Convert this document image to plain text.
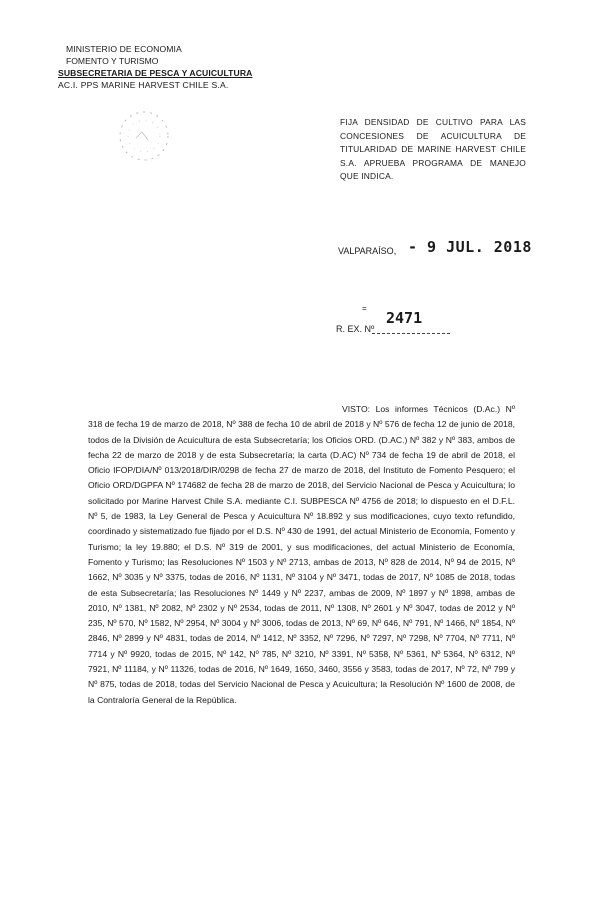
MINISTERIO DE ECONOMIA
FOMENTO Y TURISMO
SUBSECRETARIA DE PESCA Y ACUICULTURA
AC.I. PPS MARINE HARVEST CHILE S.A.
FIJA DENSIDAD DE CULTIVO PARA LAS CONCESIONES DE ACUICULTURA DE TITULARIDAD DE MARINE HARVEST CHILE S.A. APRUEBA PROGRAMA DE MANEJO QUE INDICA.
VALPARAÍSO, - 9 JUL. 2018
R. EX. Nº
=
2471
VISTO: Los informes Técnicos (D.Ac.) Nº 318 de fecha 19 de marzo de 2018, Nº 388 de fecha 10 de abril de 2018 y Nº 576 de fecha 12 de junio de 2018, todos de la División de Acuicultura de esta Subsecretaría; los Oficios ORD. (D.AC.) Nº 382 y Nº 383, ambos de fecha 22 de marzo de 2018 y de esta Subsecretaría; la carta (D.AC) Nº 734 de fecha 19 de abril de 2018, el Oficio IFOP/DIA/Nº 013/2018/DIR/0298 de fecha 27 de marzo de 2018, del Instituto de Fomento Pesquero; el Oficio ORD/DGPFA Nº 174682 de fecha 28 de marzo de 2018, del Servicio Nacional de Pesca y Acuicultura; lo solicitado por Marine Harvest Chile S.A. mediante C.I. SUBPESCA Nº 4756 de 2018; lo dispuesto en el D.F.L. Nº 5, de 1983, la Ley General de Pesca y Acuicultura Nº 18.892 y sus modificaciones, cuyo texto refundido, coordinado y sistematizado fue fijado por el D.S. Nº 430 de 1991, del actual Ministerio de Economía, Fomento y Turismo; la ley 19.880; el D.S. Nº 319 de 2001, y sus modificaciones, del actual Ministerio de Economía, Fomento y Turismo; las Resoluciones Nº 1503 y Nº 2713, ambas de 2013, Nº 828 de 2014, Nº 94 de 2015, Nº 1662, Nº 3035 y Nº 3375, todas de 2016, Nº 1131, Nº 3104 y Nº 3471, todas de 2017, Nº 1085 de 2018, todas de esta Subsecretaría; las Resoluciones Nº 1449 y Nº 2237, ambas de 2009, Nº 1897 y Nº 1898, ambas de 2010, Nº 1381, Nº 2082, Nº 2302 y Nº 2534, todas de 2011, Nº 1308, Nº 2601 y Nº 3047, todas de 2012 y Nº 235, Nº 570, Nº 1582, Nº 2954, Nº 3004 y Nº 3006, todas de 2013, Nº 69, Nº 646, Nº 791, Nº 1466, Nº 1854, Nº 2846, Nº 2899 y Nº 4831, todas de 2014, Nº 1412, Nº 3352, Nº 7296, Nº 7297, Nº 7298, Nº 7704, Nº 7711, Nº 7714 y Nº 9920, todas de 2015, Nº 142, Nº 785, Nº 3210, Nº 3391, Nº 5358, Nº 5361, Nº 5364, Nº 6312, Nº 7921, Nº 11184, y Nº 11326, todas de 2016, Nº 1649, 1650, 3460, 3556 y 3583, todas de 2017, Nº 72, Nº 799 y Nº 875, todas de 2018, todas del Servicio Nacional de Pesca y Acuicultura; la Resolución Nº 1600 de 2008, de la Contraloría General de la República.
